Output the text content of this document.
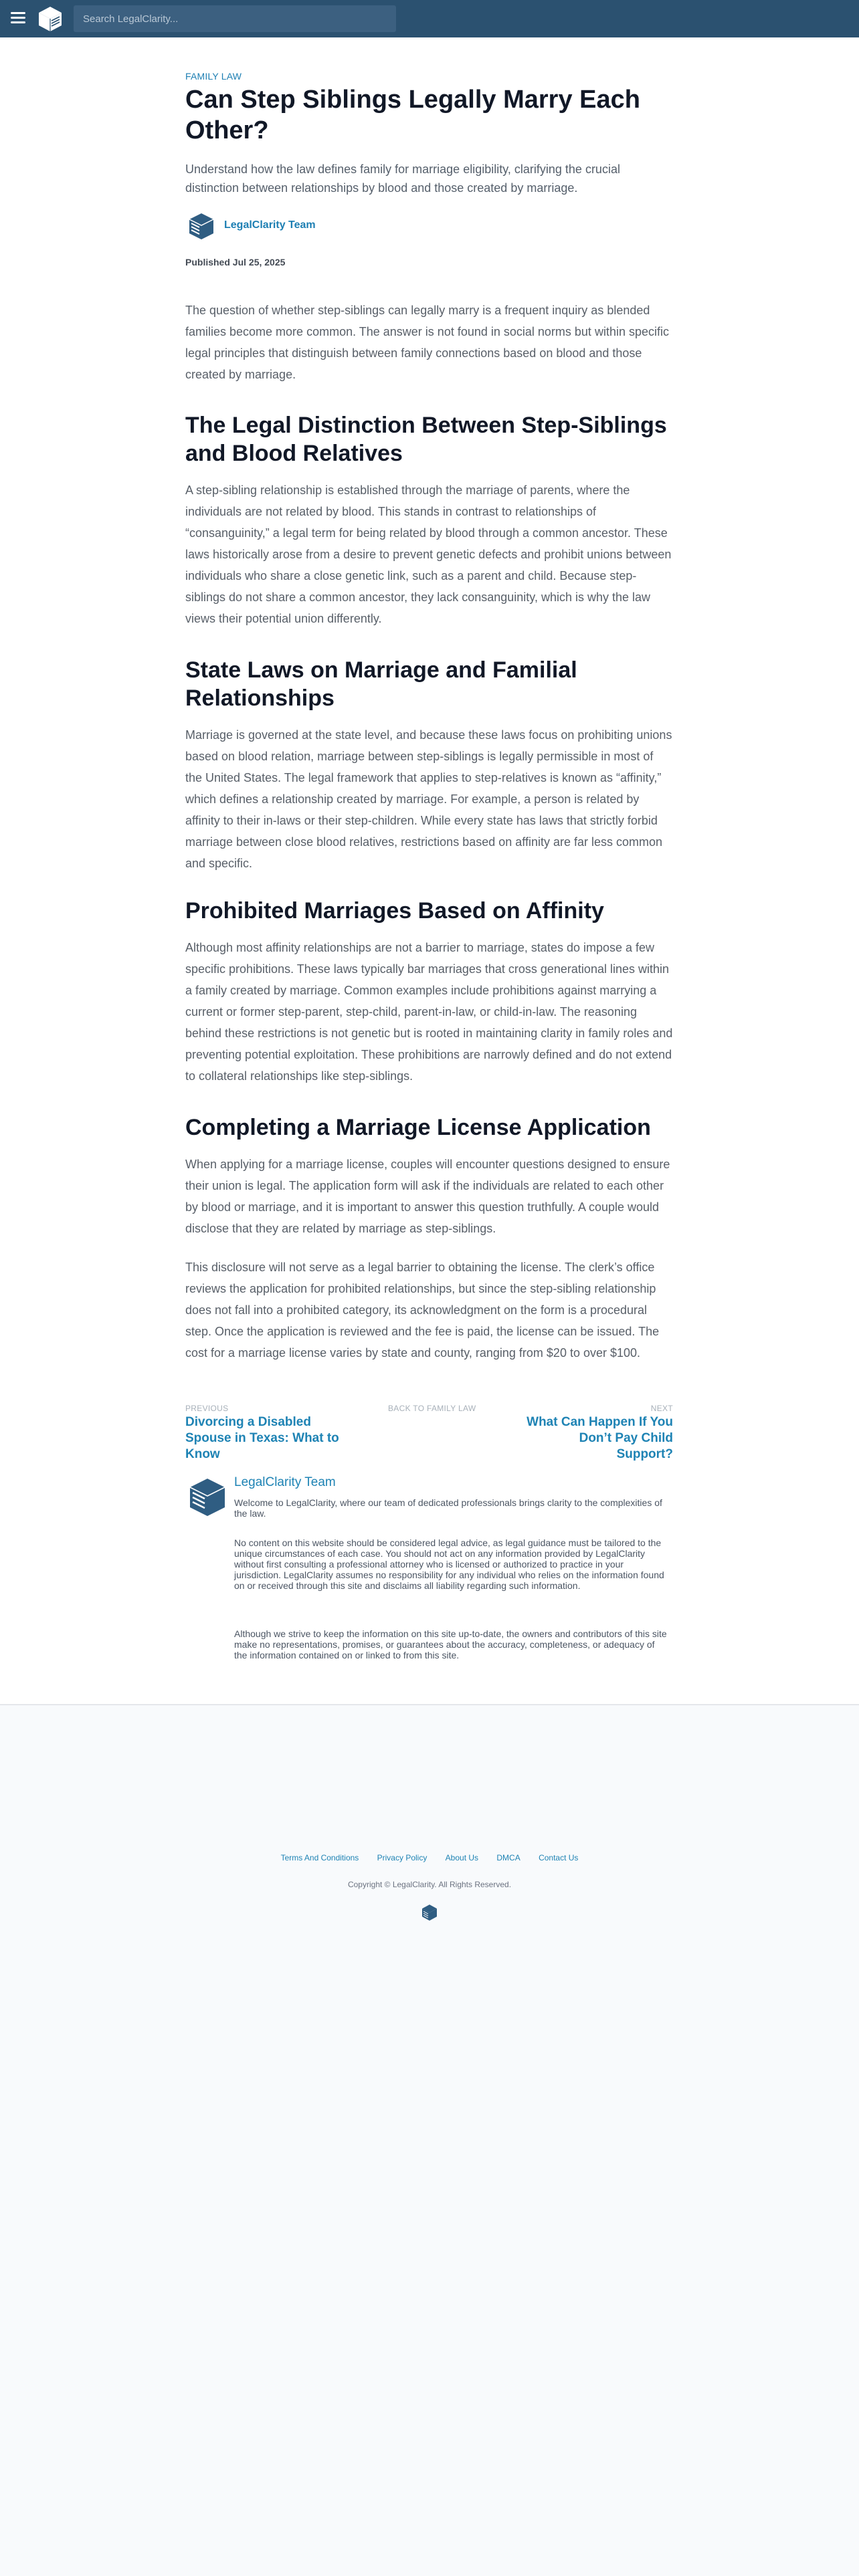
Search LegalClarity...
FAMILY LAW
Can Step Siblings Legally Marry Each Other?

Understand how the law defines family for marriage eligibility, clarifying the crucial distinction between relationships by blood and those created by marriage.

LegalClarity Team
Published Jul 25, 2025

The question of whether step-siblings can legally marry is a frequent inquiry as blended families become more common. The answer is not found in social norms but within specific legal principles that distinguish between family connections based on blood and those created by marriage.

The Legal Distinction Between Step-Siblings and Blood Relatives

A step-sibling relationship is established through the marriage of parents, where the individuals are not related by blood. This stands in contrast to relationships of “consanguinity,” a legal term for being related by blood through a common ancestor. These laws historically arose from a desire to prevent genetic defects and prohibit unions between individuals who share a close genetic link, such as a parent and child. Because step-siblings do not share a common ancestor, they lack consanguinity, which is why the law views their potential union differently.

State Laws on Marriage and Familial Relationships

Marriage is governed at the state level, and because these laws focus on prohibiting unions based on blood relation, marriage between step-siblings is legally permissible in most of the United States. The legal framework that applies to step-relatives is known as “affinity,” which defines a relationship created by marriage. For example, a person is related by affinity to their in-laws or their step-children. While every state has laws that strictly forbid marriage between close blood relatives, restrictions based on affinity are far less common and specific.

Prohibited Marriages Based on Affinity

Although most affinity relationships are not a barrier to marriage, states do impose a few specific prohibitions. These laws typically bar marriages that cross generational lines within a family created by marriage. Common examples include prohibitions against marrying a current or former step-parent, step-child, parent-in-law, or child-in-law. The reasoning behind these restrictions is not genetic but is rooted in maintaining clarity in family roles and preventing potential exploitation. These prohibitions are narrowly defined and do not extend to collateral relationships like step-siblings.

Completing a Marriage License Application

When applying for a marriage license, couples will encounter questions designed to ensure their union is legal. The application form will ask if the individuals are related to each other by blood or marriage, and it is important to answer this question truthfully. A couple would disclose that they are related by marriage as step-siblings.

This disclosure will not serve as a legal barrier to obtaining the license. The clerk’s office reviews the application for prohibited relationships, but since the step-sibling relationship does not fall into a prohibited category, its acknowledgment on the form is a procedural step. Once the application is reviewed and the fee is paid, the license can be issued. The cost for a marriage license varies by state and county, ranging from $20 to over $100.

PREVIOUS
Divorcing a Disabled Spouse in Texas: What to Know
BACK TO FAMILY LAW	NEXT
What Can Happen If You Don’t Pay Child Support?
LegalClarity Team

Welcome to LegalClarity, where our team of dedicated professionals brings clarity to the complexities of the law.

No content on this website should be considered legal advice, as legal guidance must be tailored to the unique circumstances of each case. You should not act on any information provided by LegalClarity without first consulting a professional attorney who is licensed or authorized to practice in your jurisdiction. LegalClarity assumes no responsibility for any individual who relies on the information found on or received through this site and disclaims all liability regarding such information.

Although we strive to keep the information on this site up-to-date, the owners and contributors of this site make no representations, promises, or guarantees about the accuracy, completeness, or adequacy of the information contained on or linked to from this site.

Terms And Conditions Privacy Policy About Us DMCA Contact Us
Copyright © LegalClarity. All Rights Reserved.
